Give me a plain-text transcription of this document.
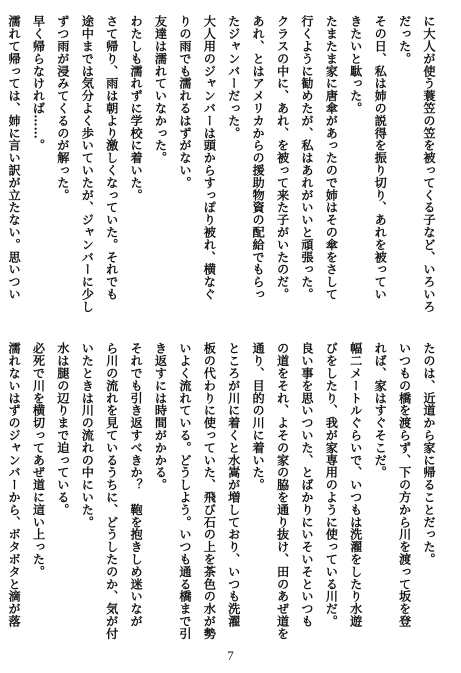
に大人が使う蓑笠の笠を被ってくる子など、いろいろ
だった。
その日、私は姉の説得を振り切り、あれを被ってい
きたいと駄った。
たまたま家に唐傘があったので姉はその傘をさして
行くように勧めたが、私はあれがいいと頑張った。
クラスの中に、あれ、を被って来た子がいたのだ。
あれ、とはアメリカからの援助物資の配給でもらっ
たジャンバーだった。
大人用のジャンバーは頭からすっぽり被れ、横なぐ
りの雨でも濡れるはずがない。
友達は濡れていなかった。
わたしも濡れずに学校に着いた。
さて帰り、雨は朝より激しくなっていた。それでも
途中までは気分よく歩いていたが、ジャンバーに少し
ずつ雨が浸みてくるのが解った。
早く帰らなければ……。
濡れて帰っては、姉に言い訳が立たない。思いつい
たのは、近道から家に帰ることだった。
いつもの橋を渡らず、下の方から川を渡って坂を登
れば、家はすぐそこだ。
幅二メートルぐらいで、いつもは洗濯をしたり水遊
びをしたり、我が家専用のように使っている川だ。
良い事を思いついた、とばかりにいそいそといつも
の道をそれ、よその家の脇を通り抜け、田のあぜ道を
通り、目的の川に着いた。
ところが川に着くと水嵩が増しており、いつも洗濯
板の代わりに使っていた、飛び石の上を茶色の水が勢
いよく流れている。どうしよう。いつも通る橋まで引
き返すには時間がかかる。
それでも引き返すべきか？　鞄を抱きしめ迷いなが
ら川の流れを見ているうちに、どうしたのか、気が付
いたときは川の流れの中にいた。
水は腿の辺りまで迫っている。
必死で川を横切ってあぜ道に這い上った。
濡れないはずのジャンバーから、ボタボタと滴が落
7
